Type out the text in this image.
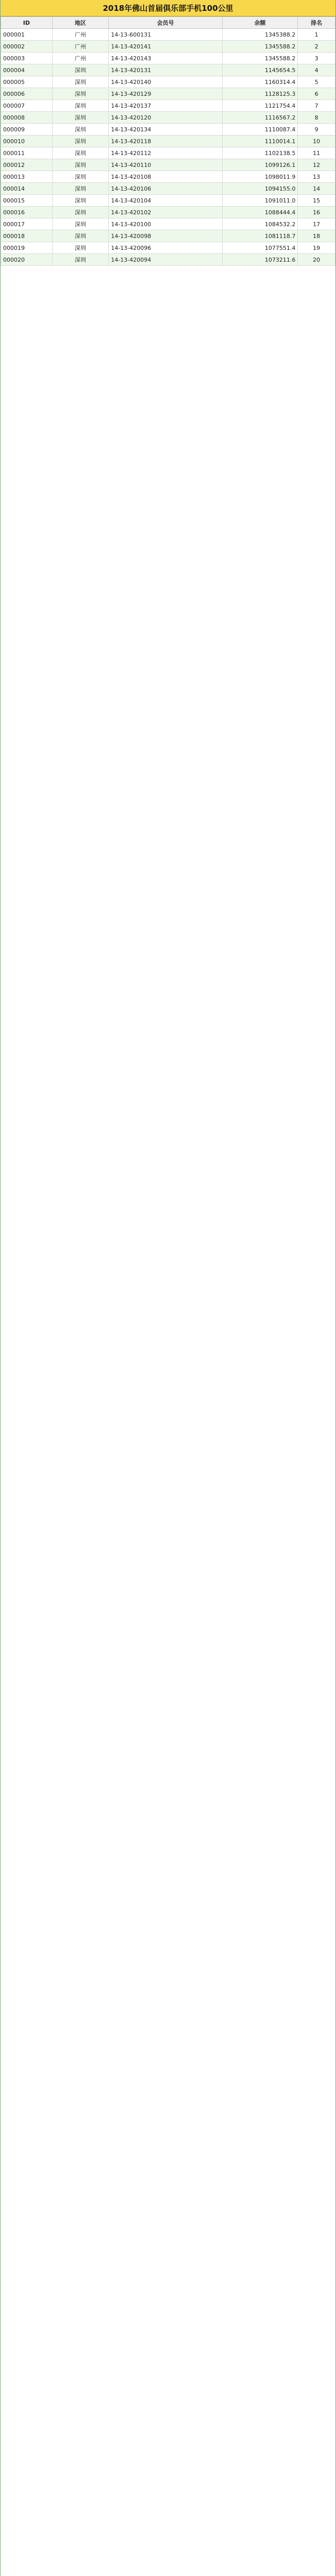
2018年佛山首届俱乐部手机100公里
ID	地区	会员号	余额	排名
000001	广州	14-13-600131	1345388.2	1
000002	广州	14-13-420141	1345588.2	2
000003	广州	14-13-420143	1345588.2	3
000004	深圳	14-13-420131	1145654.5	4
000005	深圳	14-13-420140	1160314.4	5
000006	深圳	14-13-420129	1128125.3	6
000007	深圳	14-13-420137	1121754.4	7
000008	深圳	14-13-420120	1116567.2	8
000009	深圳	14-13-420134	1110087.4	9
000010	深圳	14-13-420118	1110014.1	10
000011	深圳	14-13-420112	1102138.5	11
000012	深圳	14-13-420110	1099126.1	12
000013	深圳	14-13-420108	1098011.9	13
000014	深圳	14-13-420106	1094155.0	14
000015	深圳	14-13-420104	1091011.0	15
000016	深圳	14-13-420102	1088444.4	16
000017	深圳	14-13-420100	1084532.2	17
000018	深圳	14-13-420098	1081118.7	18
000019	深圳	14-13-420096	1077551.4	19
000020	深圳	14-13-420094	1073211.6	20
